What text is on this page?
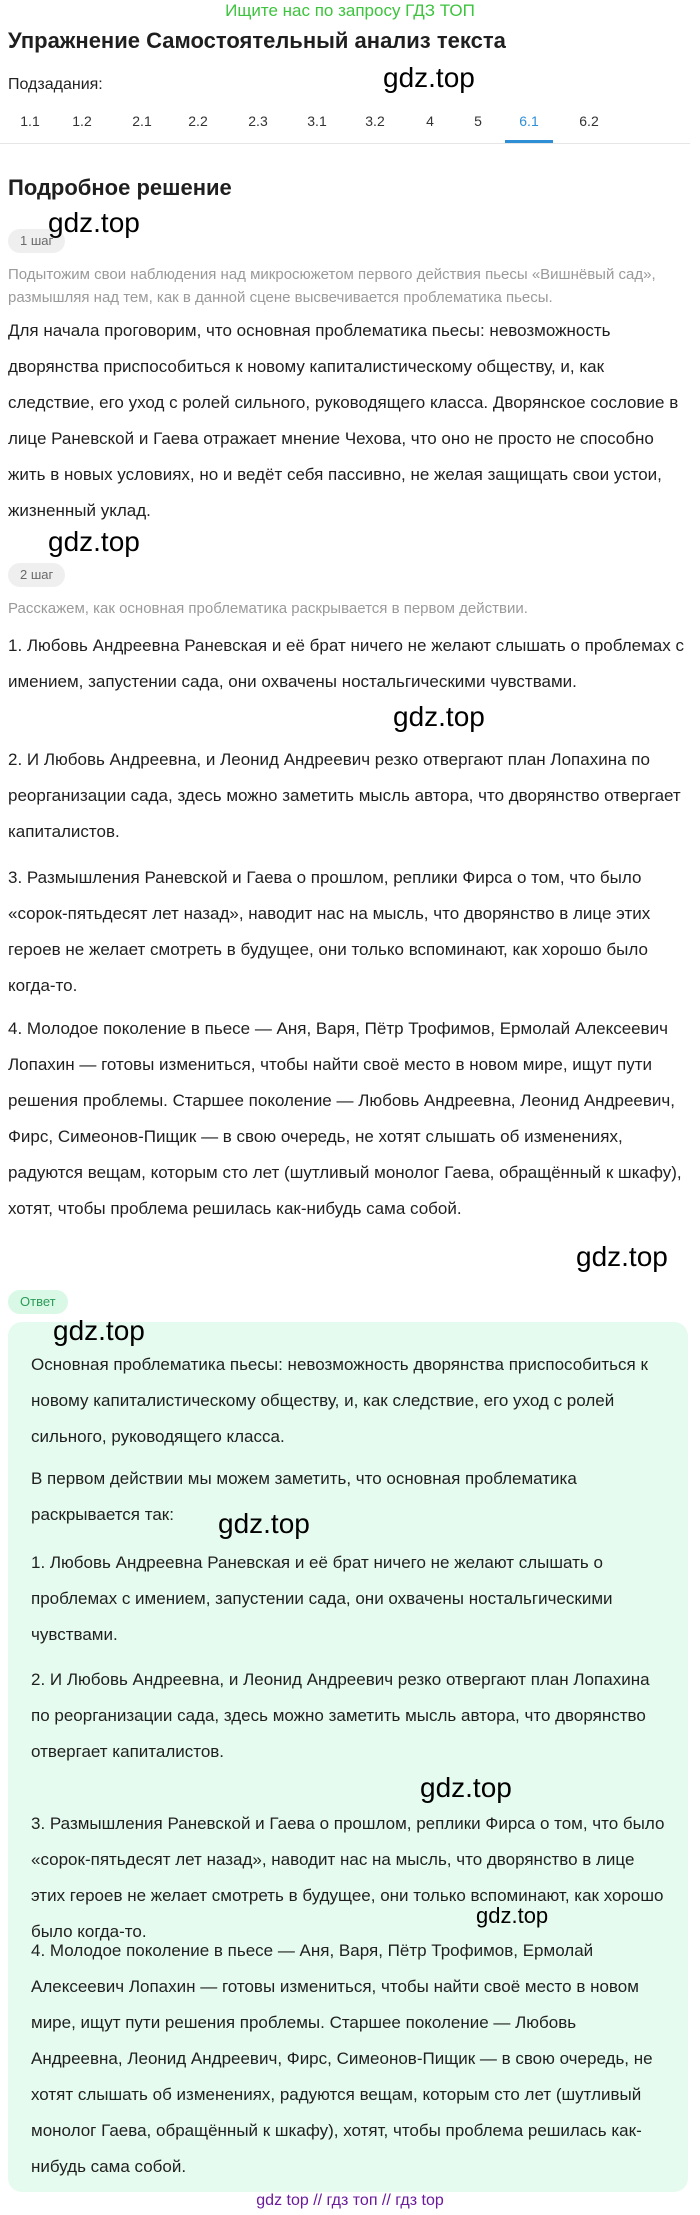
Ищите нас по запросу ГДЗ ТОП
Упражнение Самостоятельный анализ текста
Подзадания:	gdz.top
1.1	1.2	2.1	2.2	2.3	3.1	3.2	4	5	6.1	6.2
Подробное решение
1 шаг
gdz.top
Подытожим свои наблюдения над микросюжетом первого действия пьесы «Вишнёвый сад», размышляя над тем, как в данной сцене высвечивается проблематика пьесы.
Для начала проговорим, что основная проблематика пьесы: невозможность дворянства приспособиться к новому капиталистическому обществу, и, как следствие, его уход с ролей сильного, руководящего класса. Дворянское сословие в лице Раневской и Гаева отражает мнение Чехова, что оно не просто не способно жить в новых условиях, но и ведёт себя пассивно, не желая защищать свои устои, жизненный уклад.
gdz.top
2 шаг
Расскажем, как основная проблематика раскрывается в первом действии.
1. Любовь Андреевна Раневская и её брат ничего не желают слышать о проблемах с имением, запустении сада, они охвачены ностальгическими чувствами.
gdz.top
2. И Любовь Андреевна, и Леонид Андреевич резко отвергают план Лопахина по реорганизации сада, здесь можно заметить мысль автора, что дворянство отвергает капиталистов.
3. Размышления Раневской и Гаева о прошлом, реплики Фирса о том, что было «сорок-пятьдесят лет назад», наводит нас на мысль, что дворянство в лице этих героев не желает смотреть в будущее, они только вспоминают, как хорошо было когда-то.
4. Молодое поколение в пьесе — Аня, Варя, Пётр Трофимов, Ермолай Алексеевич Лопахин — готовы измениться, чтобы найти своё место в новом мире, ищут пути решения проблемы. Старшее поколение — Любовь Андреевна, Леонид Андреевич, Фирс, Симеонов-Пищик — в свою очередь, не хотят слышать об изменениях, радуются вещам, которым сто лет (шутливый монолог Гаева, обращённый к шкафу), хотят, чтобы проблема решилась как-нибудь сама собой.
gdz.top
Ответ
gdz.top
Основная проблематика пьесы: невозможность дворянства приспособиться к новому капиталистическому обществу, и, как следствие, его уход с ролей сильного, руководящего класса.
В первом действии мы можем заметить, что основная проблематика раскрывается так:	gdz.top
1. Любовь Андреевна Раневская и её брат ничего не желают слышать о проблемах с имением, запустении сада, они охвачены ностальгическими чувствами.
2. И Любовь Андреевна, и Леонид Андреевич резко отвергают план Лопахина по реорганизации сада, здесь можно заметить мысль автора, что дворянство отвергает капиталистов.
gdz.top
3. Размышления Раневской и Гаева о прошлом, реплики Фирса о том, что было «сорок-пятьдесят лет назад», наводит нас на мысль, что дворянство в лице этих героев не желает смотреть в будущее, они только вспоминают, как хорошо было когда-то.
gdz.top
4. Молодое поколение в пьесе — Аня, Варя, Пётр Трофимов, Ермолай Алексеевич Лопахин — готовы измениться, чтобы найти своё место в новом мире, ищут пути решения проблемы. Старшее поколение — Любовь Андреевна, Леонид Андреевич, Фирс, Симеонов-Пищик — в свою очередь, не хотят слышать об изменениях, радуются вещам, которым сто лет (шутливый монолог Гаева, обращённый к шкафу), хотят, чтобы проблема решилась как-нибудь сама собой.
gdz top // гдз топ // гдз top
